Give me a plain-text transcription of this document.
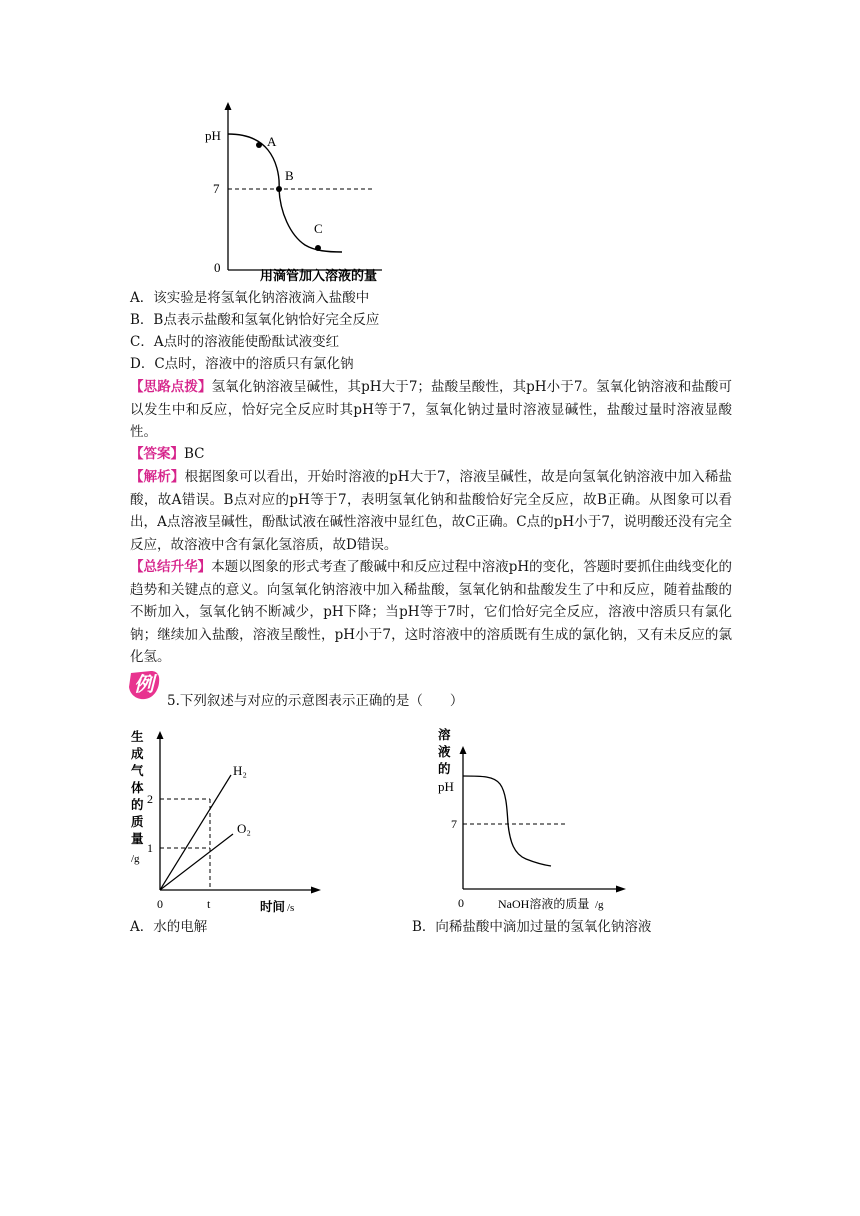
pH
7
0
A
B
C
用滴管加入溶液的量
A．该实验是将氢氧化钠溶液滴入盐酸中
B．B点表示盐酸和氢氧化钠恰好完全反应
C．A点时的溶液能使酚酞试液变红
D．C点时，溶液中的溶质只有氯化钠
【思路点拨】氢氧化钠溶液呈碱性，其pH大于7；盐酸呈酸性，其pH小于7。氢氧化钠溶液和盐酸可以发生中和反应，恰好完全反应时其pH等于7，氢氧化钠过量时溶液显碱性，盐酸过量时溶液显酸性。
【答案】BC
【解析】根据图象可以看出，开始时溶液的pH大于7，溶液呈碱性，故是向氢氧化钠溶液中加入稀盐酸，故A错误。B点对应的pH等于7，表明氢氧化钠和盐酸恰好完全反应，故B正确。从图象可以看出，A点溶液呈碱性，酚酞试液在碱性溶液中显红色，故C正确。C点的pH小于7，说明酸还没有完全反应，故溶液中含有氯化氢溶质，故D错误。
【总结升华】本题以图象的形式考查了酸碱中和反应过程中溶液pH的变化，答题时要抓住曲线变化的趋势和关键点的意义。向氢氧化钠溶液中加入稀盐酸，氢氧化钠和盐酸发生了中和反应，随着盐酸的不断加入，氢氧化钠不断减少，pH下降；当pH等于7时，它们恰好完全反应，溶液中溶质只有氯化钠；继续加入盐酸，溶液呈酸性，pH小于7，这时溶液中的溶质既有生成的氯化钠，又有未反应的氯化氢。
例
5.下列叙述与对应的示意图表示正确的是（　　）
生
成
气
体
的
质
量
/g
2
1
0	t
H₂
O₂
时间 /s
溶
液
的
pH
7
0	NaOH溶液的质量 /g
A．水的电解	B．向稀盐酸中滴加过量的氢氧化钠溶液
